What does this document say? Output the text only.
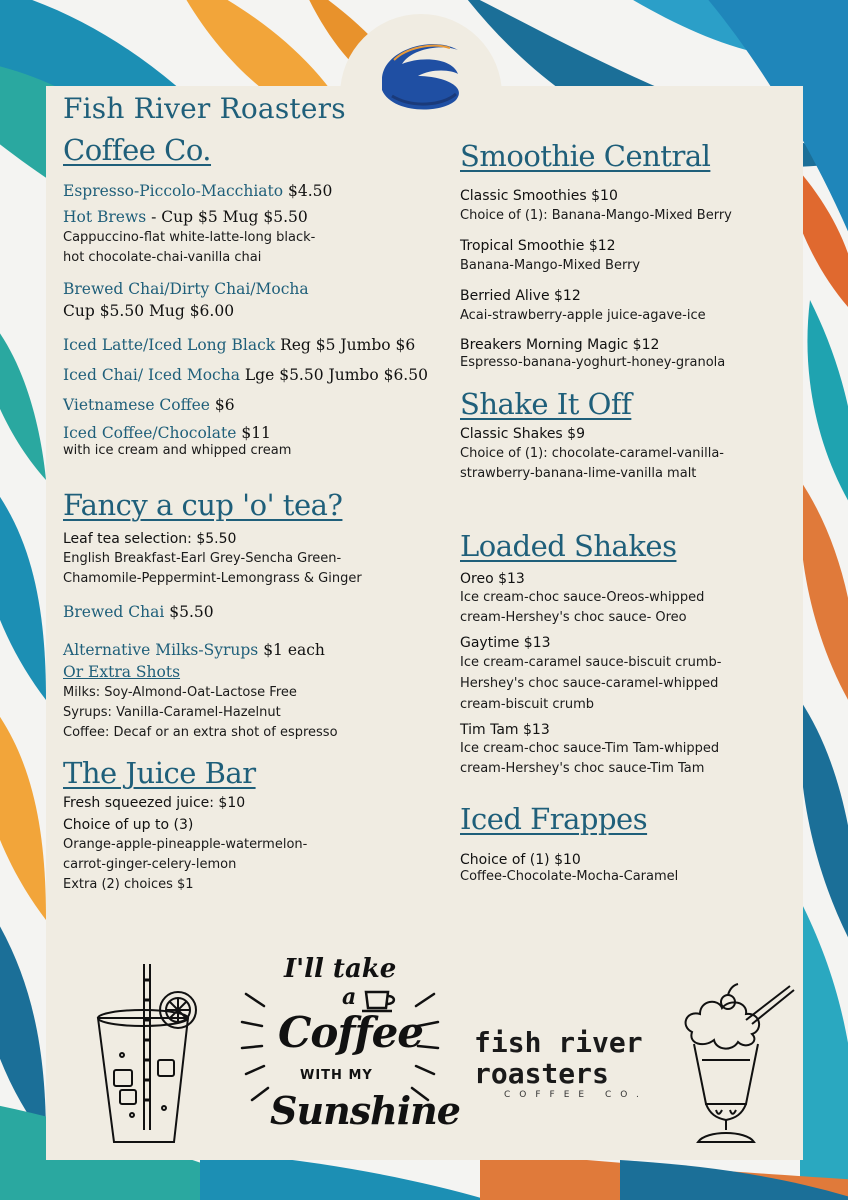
Fish River Roasters

Coffee Co.

Espresso-Piccolo-Macchiato $4.50

Hot Brews - Cup $5 Mug $5.50

Cappuccino-flat white-latte-long black-

hot chocolate-chai-vanilla chai

Brewed Chai/Dirty Chai/Mocha

Cup $5.50 Mug $6.00

Iced Latte/Iced Long Black Reg $5 Jumbo $6

Iced Chai/ Iced Mocha Lge $5.50 Jumbo $6.50

Vietnamese Coffee $6

Iced Coffee/Chocolate $11

with ice cream and whipped cream

Fancy a cup 'o' tea?

Leaf tea selection: $5.50

English Breakfast-Earl Grey-Sencha Green-

Chamomile-Peppermint-Lemongrass & Ginger

Brewed Chai $5.50

Alternative Milks-Syrups $1 each

Or Extra Shots

Milks: Soy-Almond-Oat-Lactose Free

Syrups: Vanilla-Caramel-Hazelnut

Coffee: Decaf or an extra shot of espresso

The Juice Bar

Fresh squeezed juice: $10

Choice of up to (3)

Orange-apple-pineapple-watermelon-

carrot-ginger-celery-lemon

Extra (2) choices $1

Smoothie Central

Classic Smoothies $10

Choice of (1): Banana-Mango-Mixed Berry

Tropical Smoothie $12

Banana-Mango-Mixed Berry

Berried Alive $12

Acai-strawberry-apple juice-agave-ice

Breakers Morning Magic $12

Espresso-banana-yoghurt-honey-granola

Shake It Off

Classic Shakes $9

Choice of (1): chocolate-caramel-vanilla-

strawberry-banana-lime-vanilla malt

Loaded Shakes

Oreo $13

Ice cream-choc sauce-Oreos-whipped

cream-Hershey's choc sauce- Oreo

Gaytime $13

Ice cream-caramel sauce-biscuit crumb-

Hershey's choc sauce-caramel-whipped

cream-biscuit crumb

Tim Tam $13

Ice cream-choc sauce-Tim Tam-whipped

cream-Hershey's choc sauce-Tim Tam

Iced Frappes

Choice of (1) $10

Coffee-Chocolate-Mocha-Caramel

I'll take
a
Coffee
WITH MY
Sunshine
fish river
roasters
COFFEE CO.
